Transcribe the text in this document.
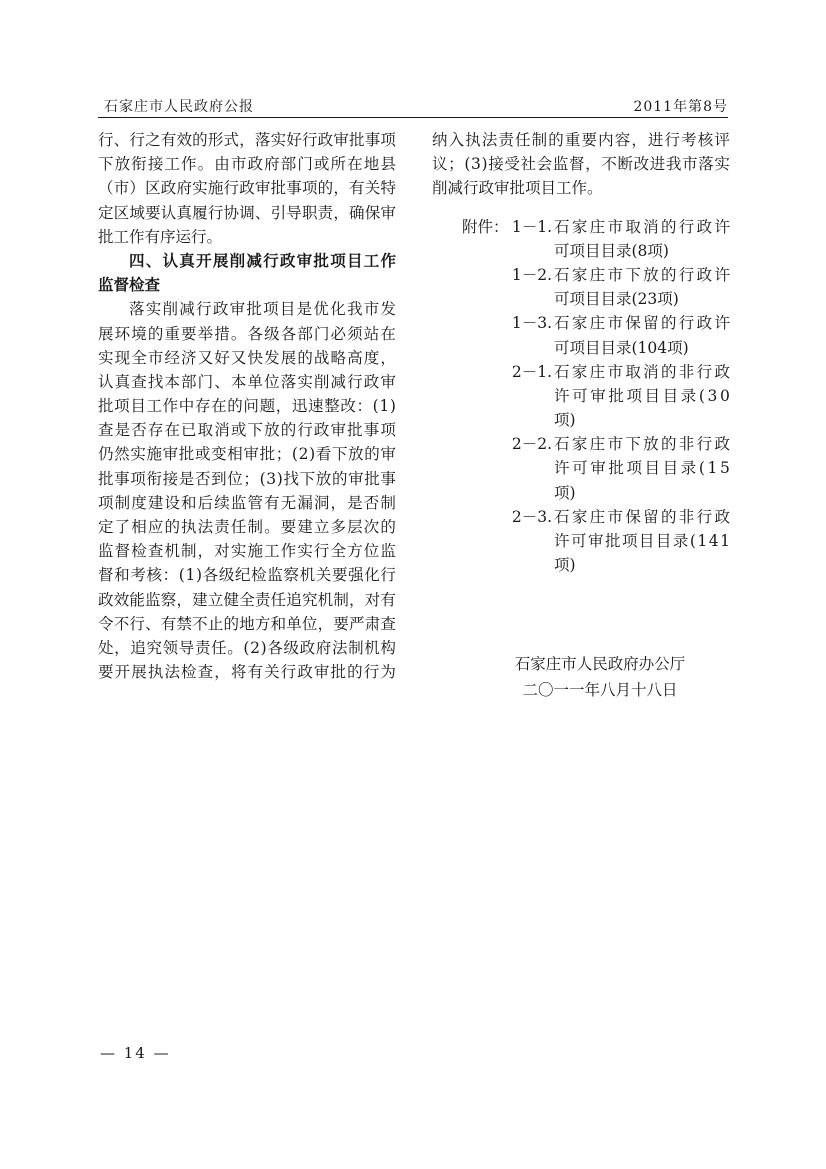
石家庄市人民政府公报	2011年第8号
行 、 行 之 有 效 的 形 式 ， 落 实 好 行 政 审 批 事 项
下 放 衔 接 工 作 。 由 市 政 府 部 门 或 所 在 地 县
（ 市 ） 区 政 府 实 施 行 政 审 批 事 项 的 ， 有 关 特
定 区 域 要 认 真 履 行 协 调 、 引 导 职 责 ， 确 保 审
批工作有序运行。
四 、 认 真 开 展 削 减 行 政 审 批 项 目 工 作
监督检查
落 实 削 减 行 政 审 批 项 目 是 优 化 我 市 发
展 环 境 的 重 要 举 措 。 各 级 各 部 门 必 须 站 在
实 现 全 市 经 济 又 好 又 快 发 展 的 战 略 高 度 ，
认 真 查 找 本 部 门 、 本 单 位 落 实 削 减 行 政 审
批 项 目 工 作 中 存 在 的 问 题 ， 迅 速 整 改 ： ( 1 )
查 是 否 存 在 已 取 消 或 下 放 的 行 政 审 批 事 项
仍 然 实 施 审 批 或 变 相 审 批 ； ( 2 ) 看 下 放 的 审
批 事 项 衔 接 是 否 到 位 ； ( 3 ) 找 下 放 的 审 批 事
项 制 度 建 设 和 后 续 监 管 有 无 漏 洞 ， 是 否 制
定 了 相 应 的 执 法 责 任 制 。 要 建 立 多 层 次 的
监 督 检 查 机 制 ， 对 实 施 工 作 实 行 全 方 位 监
督 和 考 核 ： ( 1 ) 各 级 纪 检 监 察 机 关 要 强 化 行
政 效 能 监 察 ， 建 立 健 全 责 任 追 究 机 制 ， 对 有
令 不 行 、 有 禁 不 止 的 地 方 和 单 位 ， 要 严 肃 查
处 ， 追 究 领 导 责 任 。 ( 2 ) 各 级 政 府 法 制 机 构
要 开 展 执 法 检 查 ， 将 有 关 行 政 审 批 的 行 为
纳 入 执 法 责 任 制 的 重 要 内 容 ， 进 行 考 核 评
议 ； ( 3 ) 接 受 社 会 监 督 ， 不 断 改 进 我 市 落 实
削减行政审批项目工作。
附件： 1－1. 石 家 庄 市 取 消 的 行 政 许
可项目目录(8项)
1－2. 石 家 庄 市 下 放 的 行 政 许
可项目目录(23项)
1－3. 石 家 庄 市 保 留 的 行 政 许
可项目目录(104项)
2－1. 石 家 庄 市 取 消 的 非 行 政
许 可 审 批 项 目 目 录 ( 3 0
项)
2－2. 石 家 庄 市 下 放 的 非 行 政
许 可 审 批 项 目 目 录 ( 1 5
项)
2－3. 石 家 庄 市 保 留 的 非 行 政
许 可 审 批 项 目 目 录 ( 1 4 1
项)
石家庄市人民政府办公厅
二〇一一年八月十八日
— 14 —
